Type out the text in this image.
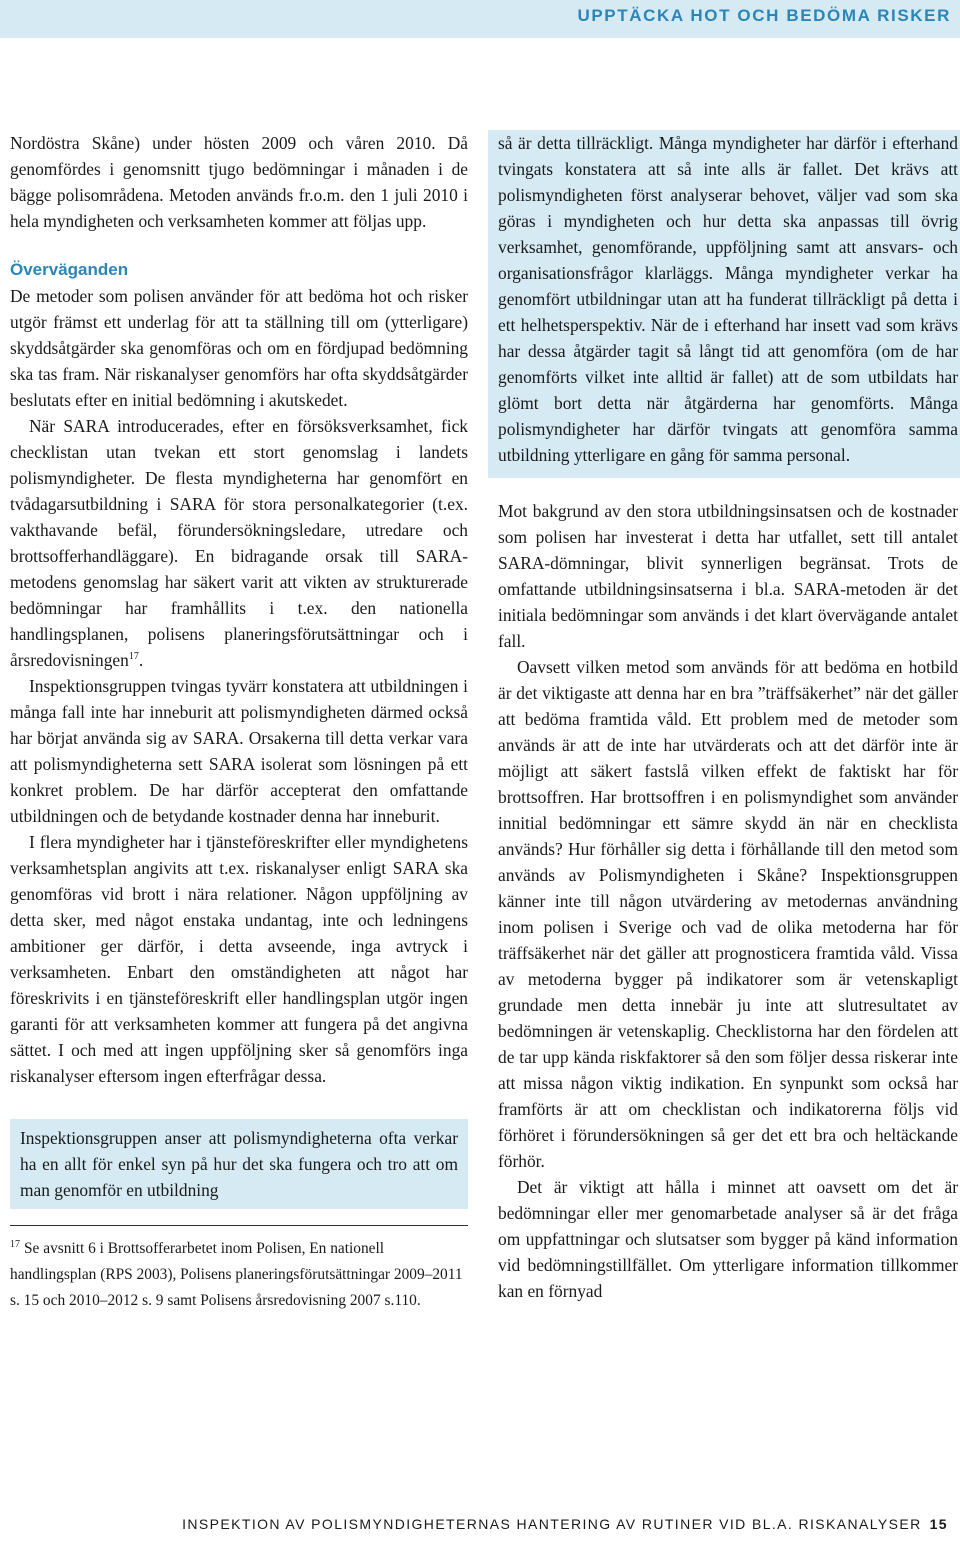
UPPTÄCKA HOT OCH BEDÖMA RISKER

Nordöstra Skåne) under hösten 2009 och våren 2010. Då genomfördes i genomsnitt tjugo bedömningar i månaden i de bägge polisområdena. Metoden används fr.o.m. den 1 juli 2010 i hela myndigheten och verksamheten kommer att följas upp.

Överväganden

De metoder som polisen använder för att bedöma hot och risker utgör främst ett underlag för att ta ställning till om (ytterligare) skyddsåtgärder ska genomföras och om en fördjupad bedömning ska tas fram. När riskanalyser genomförs har ofta skyddsåtgärder beslutats efter en initial bedömning i akutskedet.

När SARA introducerades, efter en försöksverksamhet, fick checklistan utan tvekan ett stort genomslag i landets polismyndigheter. De flesta myndigheterna har genomfört en tvådagarsutbildning i SARA för stora personalkategorier (t.ex. vakthavande befäl, förundersökningsledare, utredare och brottsofferhandläggare). En bidragande orsak till SARA-metodens genomslag har säkert varit att vikten av strukturerade bedömningar har framhållits i t.ex. den nationella handlingsplanen, polisens planeringsförutsättningar och i årsredovisningen$^{17}$.

Inspektionsgruppen tvingas tyvärr konstatera att utbildningen i många fall inte har inneburit att polismyndigheten därmed också har börjat använda sig av SARA. Orsakerna till detta verkar vara att polismyndigheterna sett SARA isolerat som lösningen på ett konkret problem. De har därför accepterat den omfattande utbildningen och de betydande kostnader denna har inneburit.

I flera myndigheter har i tjänsteföreskrifter eller myndighetens verksamhetsplan angivits att t.ex. riskanalyser enligt SARA ska genomföras vid brott i nära relationer. Någon uppföljning av detta sker, med något enstaka undantag, inte och ledningens ambitioner ger därför, i detta avseende, inga avtryck i verksamheten. Enbart den omständigheten att något har föreskrivits i en tjänsteföreskrift eller handlingsplan utgör ingen garanti för att verksamheten kommer att fungera på det angivna sättet. I och med att ingen uppföljning sker så genomförs inga riskanalyser eftersom ingen efterfrågar dessa.

Inspektionsgruppen anser att polismyndigheterna ofta verkar ha en allt för enkel syn på hur det ska fungera och tro att om man genomför en utbildning

$^{17}$ Se avsnitt 6 i Brottsofferarbetet inom Polisen, En nationell handlingsplan (RPS 2003), Polisens planeringsförutsättningar 2009–2011 s. 15 och 2010–2012 s. 9 samt Polisens årsredovisning 2007 s.110.

så är detta tillräckligt. Många myndigheter har därför i efterhand tvingats konstatera att så inte alls är fallet. Det krävs att polismyndigheten först analyserar behovet, väljer vad som ska göras i myndigheten och hur detta ska anpassas till övrig verksamhet, genomförande, uppföljning samt att ansvars- och organisationsfrågor klarläggs. Många myndigheter verkar ha genomfört utbildningar utan att ha funderat tillräckligt på detta i ett helhetsperspektiv. När de i efterhand har insett vad som krävs har dessa åtgärder tagit så långt tid att genomföra (om de har genomförts vilket inte alltid är fallet) att de som utbildats har glömt bort detta när åtgärderna har genomförts. Många polismyndigheter har därför tvingats att genomföra samma utbildning ytterligare en gång för samma personal.

Mot bakgrund av den stora utbildningsinsatsen och de kostnader som polisen har investerat i detta har utfallet, sett till antalet SARA-dömningar, blivit synnerligen begränsat. Trots de omfattande utbildningsinsatserna i bl.a. SARA-metoden är det initiala bedömningar som används i det klart övervägande antalet fall.

Oavsett vilken metod som används för att bedöma en hotbild är det viktigaste att denna har en bra ”träffsäkerhet” när det gäller att bedöma framtida våld. Ett problem med de metoder som används är att de inte har utvärderats och att det därför inte är möjligt att säkert fastslå vilken effekt de faktiskt har för brottsoffren. Har brottsoffren i en polismyndighet som använder innitial bedömningar ett sämre skydd än när en checklista används? Hur förhåller sig detta i förhållande till den metod som används av Polismyndigheten i Skåne? Inspektionsgruppen känner inte till någon utvärdering av metodernas användning inom polisen i Sverige och vad de olika metoderna har för träffsäkerhet när det gäller att prognosticera framtida våld. Vissa av metoderna bygger på indikatorer som är vetenskapligt grundade men detta innebär ju inte att slutresultatet av bedömningen är vetenskaplig. Checklistorna har den fördelen att de tar upp kända riskfaktorer så den som följer dessa riskerar inte att missa någon viktig indikation. En synpunkt som också har framförts är att om checklistan och indikatorerna följs vid förhöret i förundersökningen så ger det ett bra och heltäckande förhör.

Det är viktigt att hålla i minnet att oavsett om det är bedömningar eller mer genomarbetade analyser så är det fråga om uppfattningar och slutsatser som bygger på känd information vid bedömningstillfället. Om ytterligare information tillkommer kan en förnyad

INSPEKTION AV POLISMYNDIGHETERNAS HANTERING AV RUTINER VID BL.A. RISKANALYSER 15
